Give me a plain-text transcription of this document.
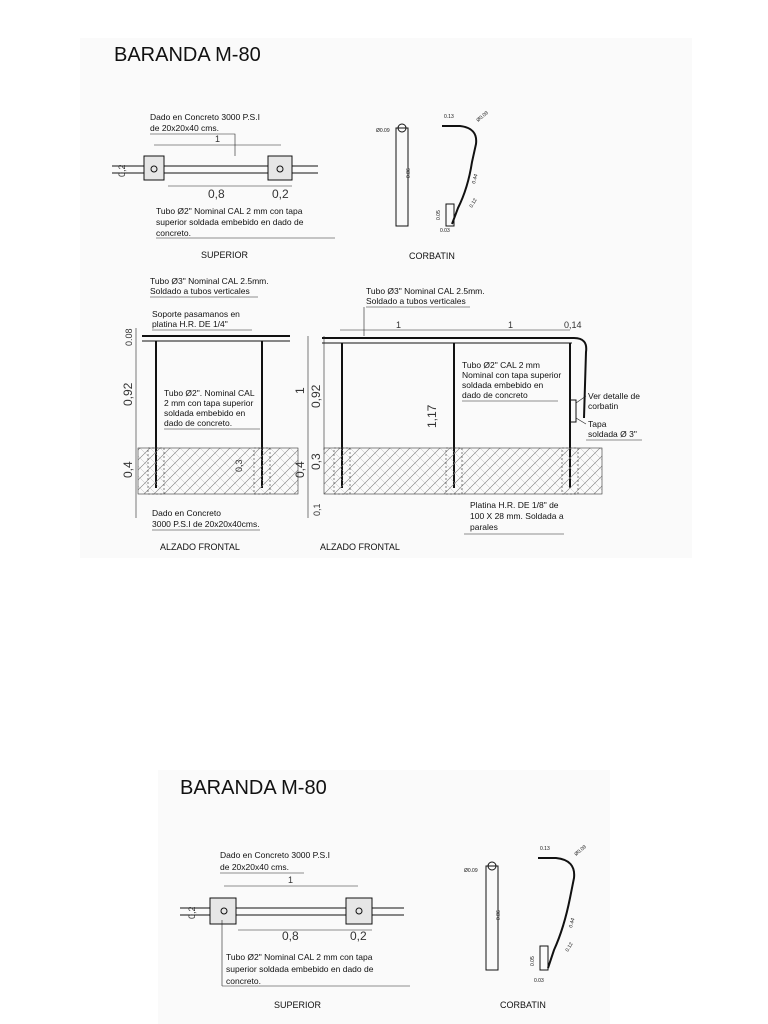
BARANDA M-80
Dado en Concreto 3000 P.S.I
de 20x20x40 cms.
1
0,2
0,8	0,2
Tubo Ø2" Nominal CAL 2 mm con tapa
superior soldada embebido en dado de
concreto.
SUPERIOR
Ø0.09
0.86
0.13	Ø0.09
0.44
0.05
0.03
0.12
CORBATIN
Tubo Ø3" Nominal CAL 2.5mm.
Soldado a tubos verticales
Soporte pasamanos en
platina H.R. DE 1/4"
0.08
0,92	Tubo Ø2". Nominal CAL
2 mm con tapa superior
soldada embebido en
dado de concreto.
0,4	0,3
Dado en Concreto
3000 P.S.I de 20x20x40cms.
ALZADO FRONTAL
Tubo Ø3" Nominal CAL 2.5mm.
Soldado a tubos verticales
1	1	0,14
1 0,92
1,17
Tubo Ø2" CAL 2 mm
Nominal con tapa superior
soldada embebido en
dado de concreto	Ver detalle de
corbatin
Tapa
soldada Ø 3"
0,4 0,3
0,1	Platina H.R. DE 1/8" de
100 X 28 mm. Soldada a
parales
ALZADO FRONTAL
BARANDA M-80
Dado en Concreto 3000 P.S.I
de 20x20x40 cms.
1
0,2
0,8	0,2
Tubo Ø2" Nominal CAL 2 mm con tapa
superior soldada embebido en dado de
concreto.
SUPERIOR
Ø0.09
0.86
0.13	Ø0.09
0.44
0.05
0.03
0.12
CORBATIN
